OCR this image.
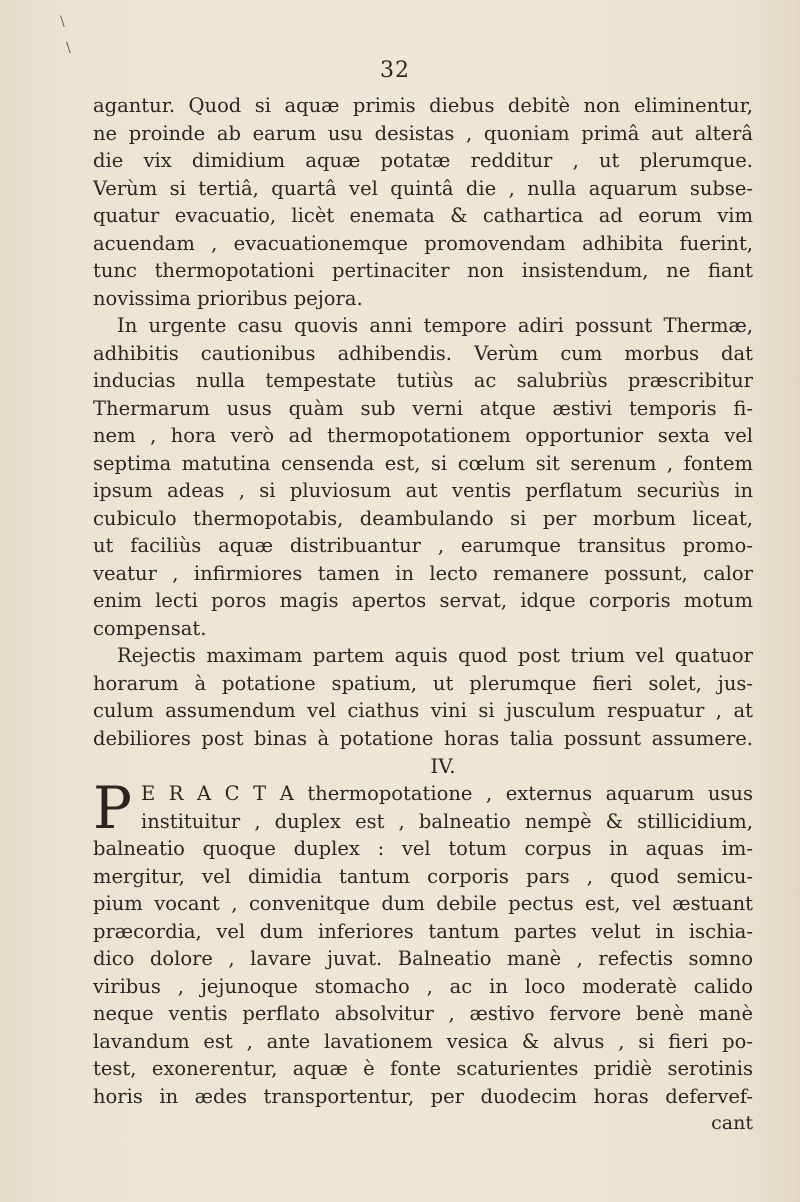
\
\
32
agantur. Quod si aquæ primis diebus debitè non eliminentur,
ne proinde ab earum usu desistas , quoniam primâ aut alterâ
die vix dimidium aquæ potatæ redditur , ut plerumque.
Verùm si tertiâ, quartâ vel quintâ die , nulla aquarum subse-
quatur evacuatio, licèt enemata & cathartica ad eorum vim
acuendam , evacuationemque promovendam adhibita fuerint,
tunc thermopotationi pertinaciter non insistendum, ne fiant
novissima prioribus pejora.
In urgente casu quovis anni tempore adiri possunt Thermæ,
adhibitis cautionibus adhibendis. Verùm cum morbus dat
inducias nulla tempestate tutiùs ac salubriùs præscribitur
Thermarum usus quàm sub verni atque æstivi temporis fi-
nem , hora verò ad thermopotationem opportunior sexta vel
septima matutina censenda est, si cœlum sit serenum , fontem
ipsum adeas , si pluviosum aut ventis perflatum securiùs in
cubiculo thermopotabis, deambulando si per morbum liceat,
ut faciliùs aquæ distribuantur , earumque transitus promo-
veatur , infirmiores tamen in lecto remanere possunt, calor
enim lecti poros magis apertos servat, idque corporis motum
compensat.
Rejectis maximam partem aquis quod post trium vel quatuor
horarum à potatione spatium, ut plerumque fieri solet, jus-
culum assumendum vel ciathus vini si jusculum respuatur , at
debiliores post binas à potatione horas talia possunt assumere.
IV.
P E R A C T A thermopotatione , externus aquarum usus
instituitur , duplex est , balneatio nempè & stillicidium,
balneatio quoque duplex : vel totum corpus in aquas im-
mergitur, vel dimidia tantum corporis pars , quod semicu-
pium vocant , convenitque dum debile pectus est, vel æstuant
præcordia, vel dum inferiores tantum partes velut in ischia-
dico dolore , lavare juvat. Balneatio manè , refectis somno
viribus , jejunoque stomacho , ac in loco moderatè calido
neque ventis perflato absolvitur , æstivo fervore benè manè
lavandum est , ante lavationem vesica & alvus , si fieri po-
test, exonerentur, aquæ è fonte scaturientes pridiè serotinis
horis in ædes transportentur, per duodecim horas defervef-
cant
